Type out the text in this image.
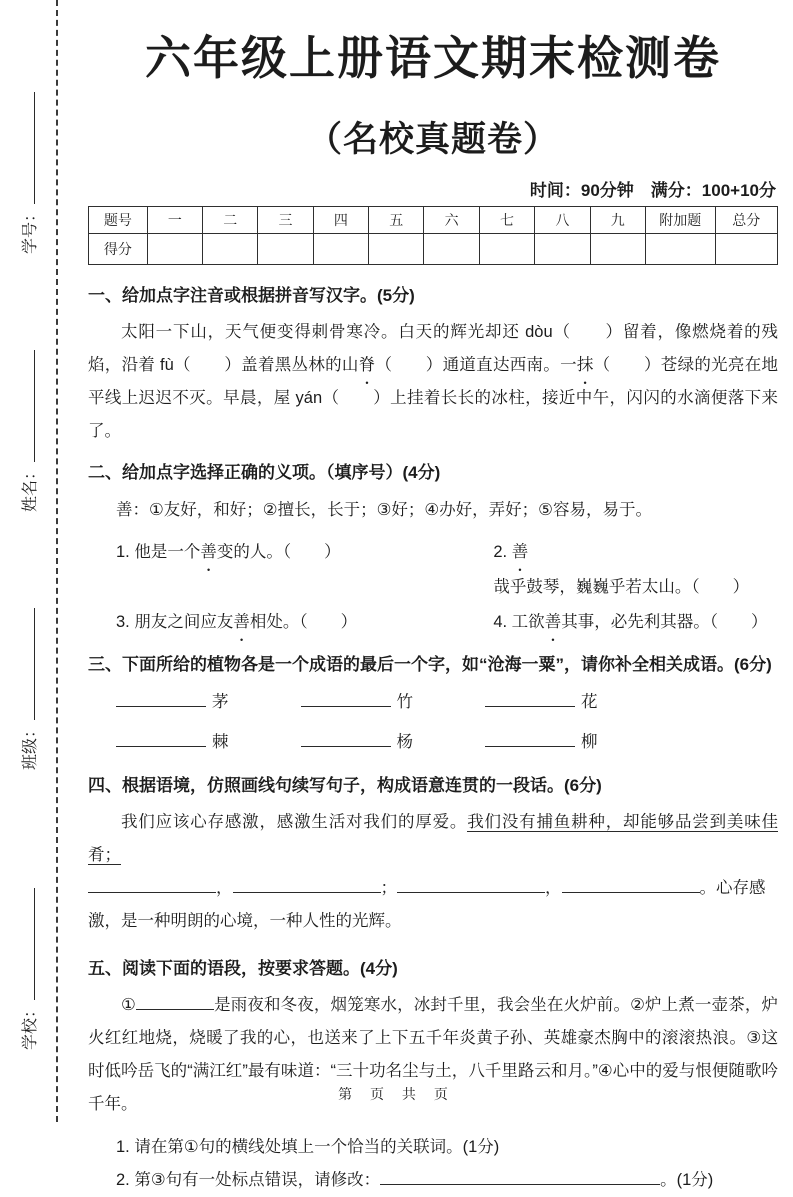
学校：
班级：
姓名：
学号：
六年级上册语文期末检测卷
（名校真题卷）
时间：90分钟　满分：100+10分
题号	一	二	三	四	五	六	七	八	九	附加题	总分
得分											
一、给加点字注音或根据拼音写汉字。(5分)

太阳一下山，天气便变得刺骨寒冷。白天的辉光却还 dòu（　　）留着，像燃烧着的残焰，沿着 fù（　　）盖着黑丛林的山脊（　　）通道直达西南。一抹（　　）苍绿的光亮在地平线上迟迟不灭。早晨，屋 yán（　　）上挂着长长的冰柱，接近中午，闪闪的水滴便落下来了。

二、给加点字选择正确的义项。（填序号）(4分)

善：①友好，和好；②擅长，长于；③好；④办好，弄好；⑤容易，易于。

1. 他是一个善变的人。（　　）	2. 善哉乎鼓琴，巍巍乎若太山。（　　）
3. 朋友之间应友善相处。（　　）	4. 工欲善其事，必先利其器。（　　）
三、下面所给的植物各是一个成语的最后一个字，如“沧海一粟”，请你补全相关成语。(6分)
茅	竹	花
棘	杨	柳
四、根据语境，仿照画线句续写句子，构成语意连贯的一段话。(6分)

我们应该心存感激，感激生活对我们的厚爱。我们没有捕鱼耕种，却能够品尝到美味佳肴；

，	；	，	。心存感

激，是一种明朗的心境，一种人性的光辉。

五、阅读下面的语段，按要求答题。(4分)

①	是雨夜和冬夜，烟笼寒水，冰封千里，我会坐在火炉前。②炉上煮一壶茶，炉火红红地烧，烧暖了我的心，也送来了上下五千年炎黄子孙、英雄豪杰胸中的滚滚热浪。③这时低吟岳飞的“满江红”最有味道：“三十功名尘与土，八千里路云和月。”④心中的爱与恨便随歌吟千年。

1. 请在第①句的横线处填上一个恰当的关联词。(1分)

2. 第③句有一处标点错误，请修改：	。(1分)

第 页 共 页
